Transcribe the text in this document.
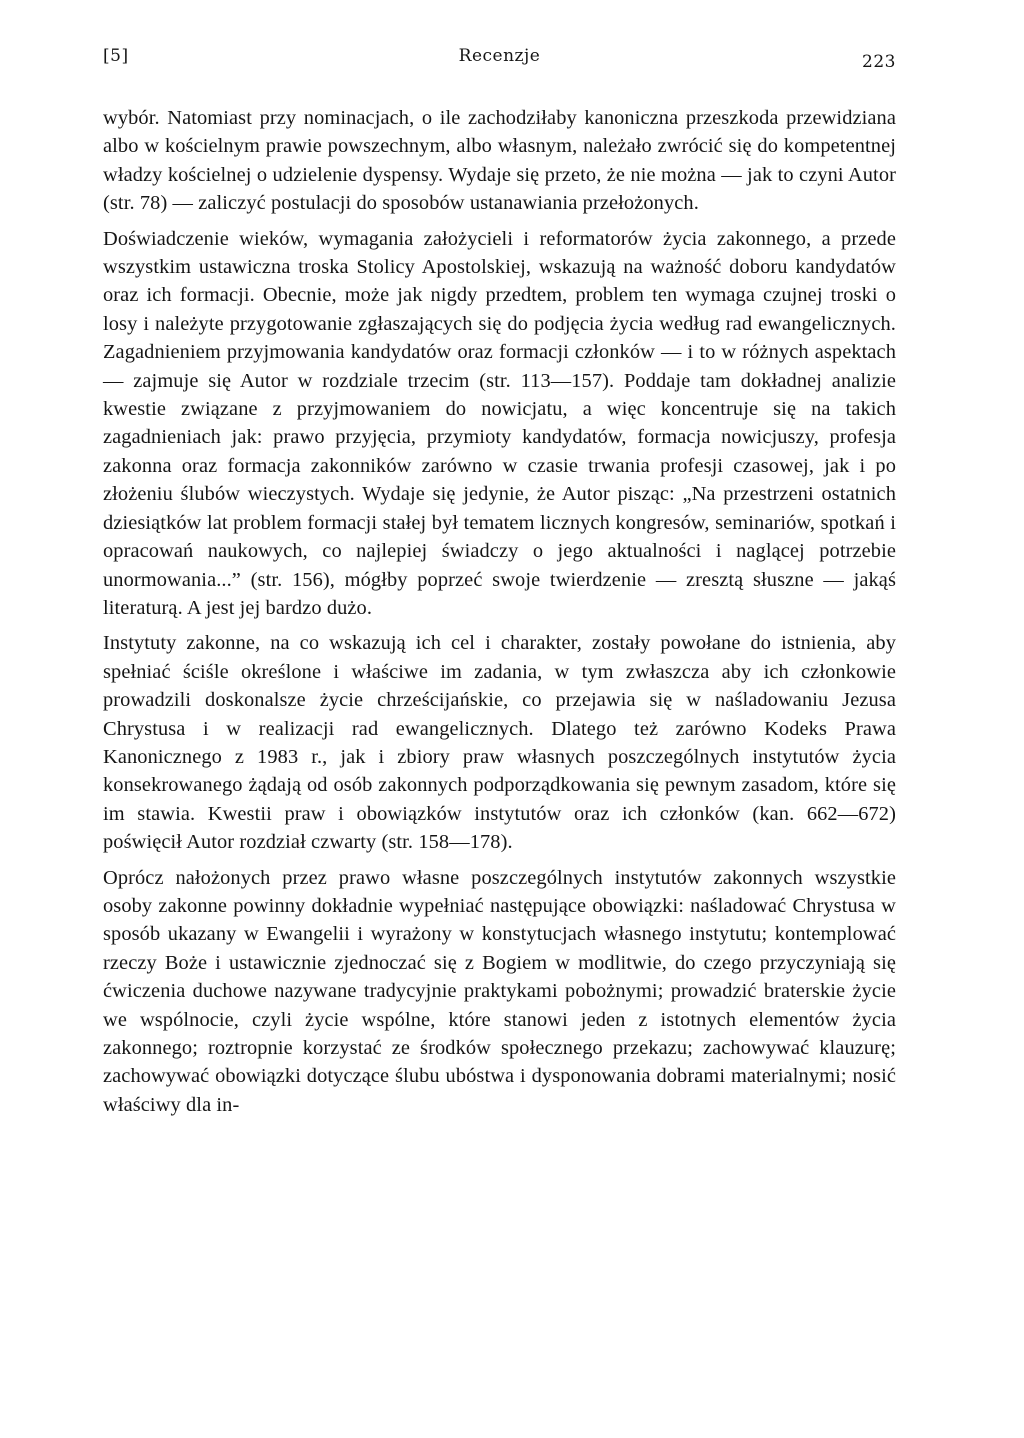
[5]	Recenzje	223

wybór. Natomiast przy nominacjach, o ile zachodziłaby kanoniczna przeszkoda przewidziana albo w kościelnym prawie powszechnym, albo własnym, należało zwrócić się do kompetentnej władzy kościelnej o udzielenie dyspensy. Wydaje się przeto, że nie można — jak to czyni Autor (str. 78) — zaliczyć postulacji do sposobów ustanawiania przełożonych.

Doświadczenie wieków, wymagania założycieli i reformatorów życia zakonnego, a przede wszystkim ustawiczna troska Stolicy Apostolskiej, wskazują na ważność doboru kandydatów oraz ich formacji. Obecnie, może jak nigdy przedtem, problem ten wymaga czujnej troski o losy i należyte przygotowanie zgłaszających się do podjęcia życia według rad ewangelicznych. Zagadnieniem przyjmowania kandydatów oraz formacji członków — i to w różnych aspektach — zajmuje się Autor w rozdziale trzecim (str. 113—157). Poddaje tam dokładnej analizie kwestie związane z przyjmowaniem do nowicjatu, a więc koncentruje się na takich zagadnieniach jak: prawo przyjęcia, przymioty kandydatów, formacja nowicjuszy, profesja zakonna oraz formacja zakonników zarówno w czasie trwania profesji czasowej, jak i po złożeniu ślubów wieczystych. Wydaje się jedynie, że Autor pisząc: „Na przestrzeni ostatnich dziesiątków lat problem formacji stałej był tematem licznych kongresów, seminariów, spotkań i opracowań naukowych, co najlepiej świadczy o jego aktualności i naglącej potrzebie unormowania...” (str. 156), mógłby poprzeć swoje twierdzenie — zresztą słuszne — jakąś literaturą. A jest jej bardzo dużo.

Instytuty zakonne, na co wskazują ich cel i charakter, zostały powołane do istnienia, aby spełniać ściśle określone i właściwe im zadania, w tym zwłaszcza aby ich członkowie prowadzili doskonalsze życie chrześcijańskie, co przejawia się w naśladowaniu Jezusa Chrystusa i w realizacji rad ewangelicznych. Dlatego też zarówno Kodeks Prawa Kanonicznego z 1983 r., jak i zbiory praw własnych poszczególnych instytutów życia konsekrowanego żądają od osób zakonnych podporządkowania się pewnym zasadom, które się im stawia. Kwestii praw i obowiązków instytutów oraz ich członków (kan. 662—672) poświęcił Autor rozdział czwarty (str. 158—178).

Oprócz nałożonych przez prawo własne poszczególnych instytutów zakonnych wszystkie osoby zakonne powinny dokładnie wypełniać następujące obowiązki: naśladować Chrystusa w sposób ukazany w Ewangelii i wyrażony w konstytucjach własnego instytutu; kontemplować rzeczy Boże i ustawicznie zjednoczać się z Bogiem w modlitwie, do czego przyczyniają się ćwiczenia duchowe nazywane tradycyjnie praktykami pobożnymi; prowadzić braterskie życie we wspólnocie, czyli życie wspólne, które stanowi jeden z istotnych elementów życia zakonnego; roztropnie korzystać ze środków społecznego przekazu; zachowywać klauzurę; zachowywać obowiązki dotyczące ślubu ubóstwa i dysponowania dobrami materialnymi; nosić właściwy dla in-
